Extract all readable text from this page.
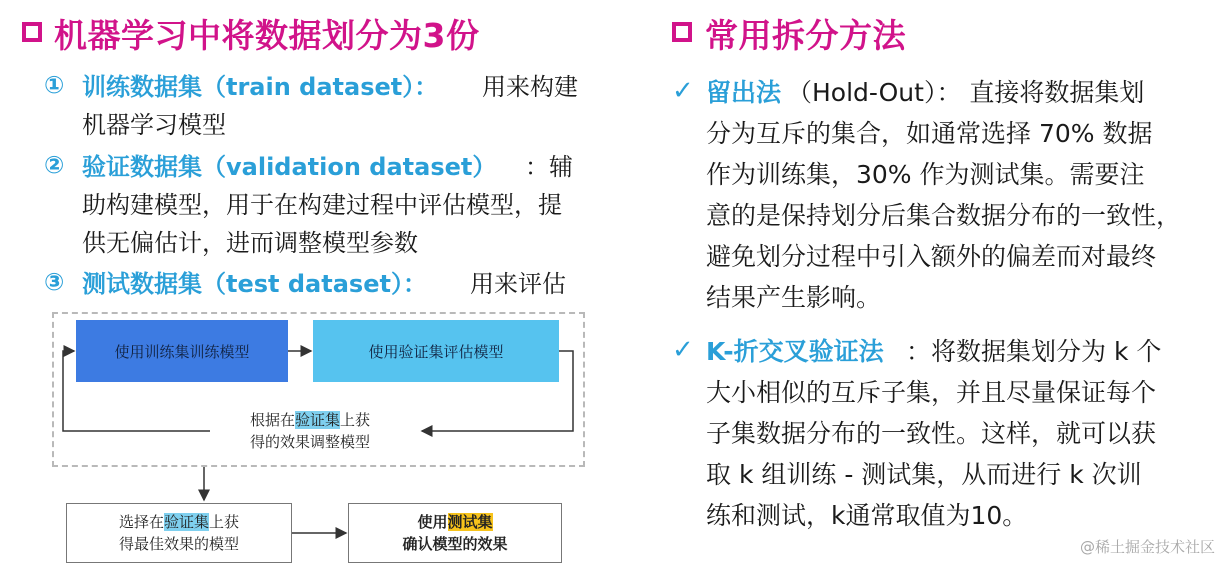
机器学习中将数据划分为3份
① 训练数据集（train dataset）： 用来构建
机器学习模型
② 验证数据集（validation dataset） ：辅
助构建模型，用于在构建过程中评估模型，提
供无偏估计，进而调整模型参数
③ 测试数据集（test dataset）： 用来评估
使用训练集训练模型	使用验证集评估模型
根据在验证集上获
得的效果调整模型
选择在验证集上获
得最佳效果的模型
使用测试集
确认模型的效果
常用拆分方法
✓ 留出法 （Hold-Out）： 直接将数据集划
分为互斥的集合，如通常选择 70% 数据
作为训练集，30% 作为测试集。需要注
意的是保持划分后集合数据分布的一致性，
避免划分过程中引入额外的偏差而对最终
结果产生影响。
✓ K-折交叉验证法 ：将数据集划分为 k 个
大小相似的互斥子集，并且尽量保证每个
子集数据分布的一致性。这样，就可以获
取 k 组训练 - 测试集，从而进行 k 次训
练和测试，k通常取值为10。
@稀土掘金技术社区
